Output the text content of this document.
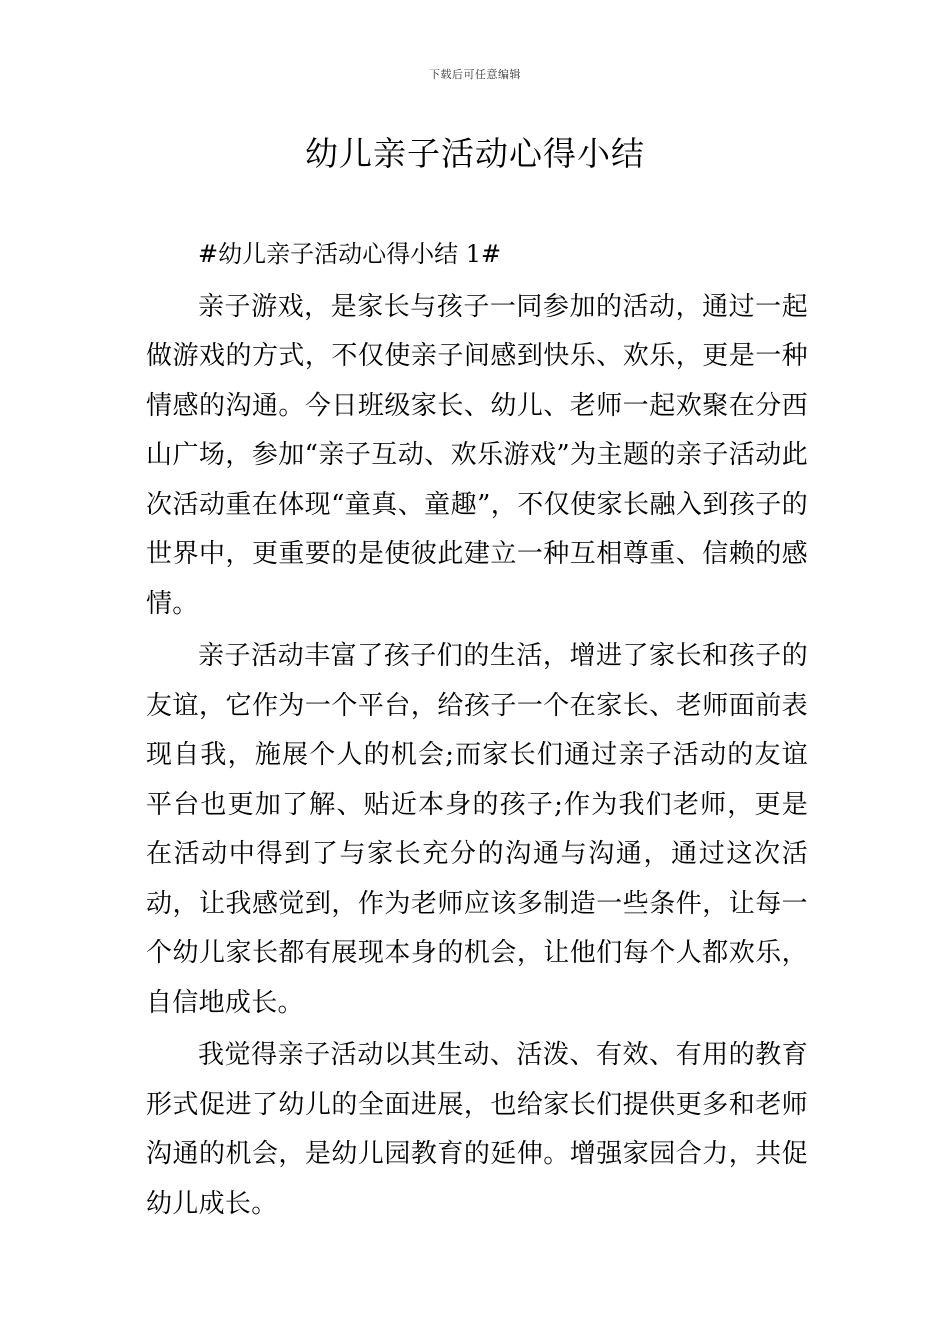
下载后可任意编辑
幼儿亲子活动心得小结

#幼儿亲子活动心得小结 1#

亲子游戏，是家长与孩子一同参加的活动，通过一起做游戏的方式，不仅使亲子间感到快乐、欢乐，更是一种情感的沟通。今日班级家长、幼儿、老师一起欢聚在分西山广场，参加“亲子互动、欢乐游戏”为主题的亲子活动此次活动重在体现“童真、童趣”，不仅使家长融入到孩子的世界中，更重要的是使彼此建立一种互相尊重、信赖的感情。

亲子活动丰富了孩子们的生活，增进了家长和孩子的友谊，它作为一个平台，给孩子一个在家长、老师面前表现自我，施展个人的机会;而家长们通过亲子活动的友谊平台也更加了解、贴近本身的孩子;作为我们老师，更是在活动中得到了与家长充分的沟通与沟通，通过这次活动，让我感觉到，作为老师应该多制造一些条件，让每一个幼儿家长都有展现本身的机会，让他们每个人都欢乐，自信地成长。

我觉得亲子活动以其生动、活泼、有效、有用的教育形式促进了幼儿的全面进展，也给家长们提供更多和老师沟通的机会，是幼儿园教育的延伸。增强家园合力，共促幼儿成长。
